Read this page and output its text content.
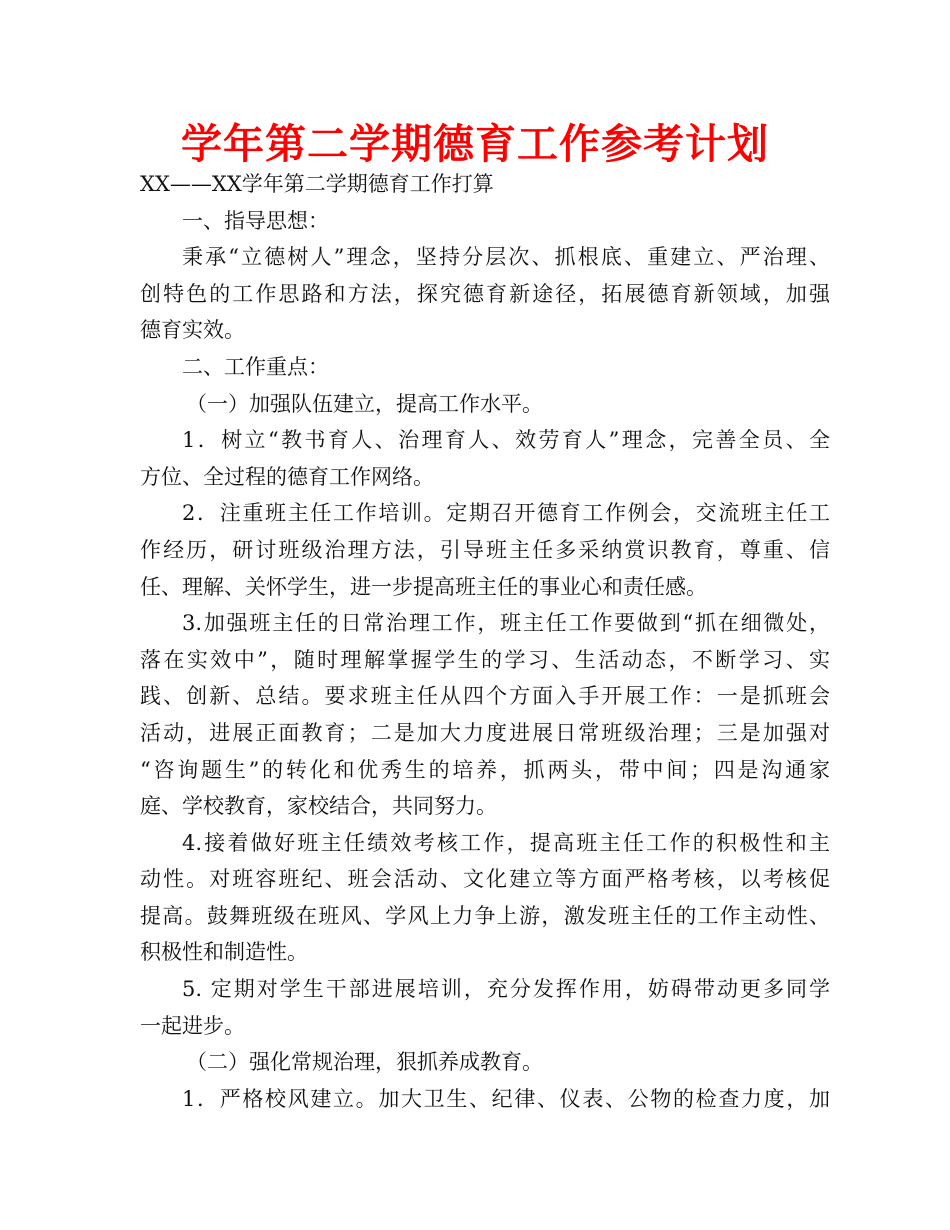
学年第二学期德育工作参考计划
XX——XX学年第二学期德育工作打算
一、指导思想：
秉承“立德树人”理念，坚持分层次、抓根底、重建立、严治理、
创特色的工作思路和方法，探究德育新途径，拓展德育新领域，加强
德育实效。
二、工作重点：
（一）加强队伍建立，提高工作水平。
1．树立“教书育人、治理育人、效劳育人”理念，完善全员、全
方位、全过程的德育工作网络。
2．注重班主任工作培训。定期召开德育工作例会，交流班主任工
作经历，研讨班级治理方法，引导班主任多采纳赏识教育，尊重、信
任、理解、关怀学生，进一步提高班主任的事业心和责任感。
3.加强班主任的日常治理工作，班主任工作要做到“抓在细微处，
落在实效中”，随时理解掌握学生的学习、生活动态，不断学习、实
践、创新、总结。要求班主任从四个方面入手开展工作：一是抓班会
活动，进展正面教育；二是加大力度进展日常班级治理；三是加强对
“咨询题生”的转化和优秀生的培养，抓两头，带中间；四是沟通家
庭、学校教育，家校结合，共同努力。
4.接着做好班主任绩效考核工作，提高班主任工作的积极性和主
动性。对班容班纪、班会活动、文化建立等方面严格考核，以考核促
提高。鼓舞班级在班风、学风上力争上游，激发班主任的工作主动性、
积极性和制造性。
5. 定期对学生干部进展培训，充分发挥作用，妨碍带动更多同学
一起进步。
（二）强化常规治理，狠抓养成教育。
1．严格校风建立。加大卫生、纪律、仪表、公物的检查力度，加
